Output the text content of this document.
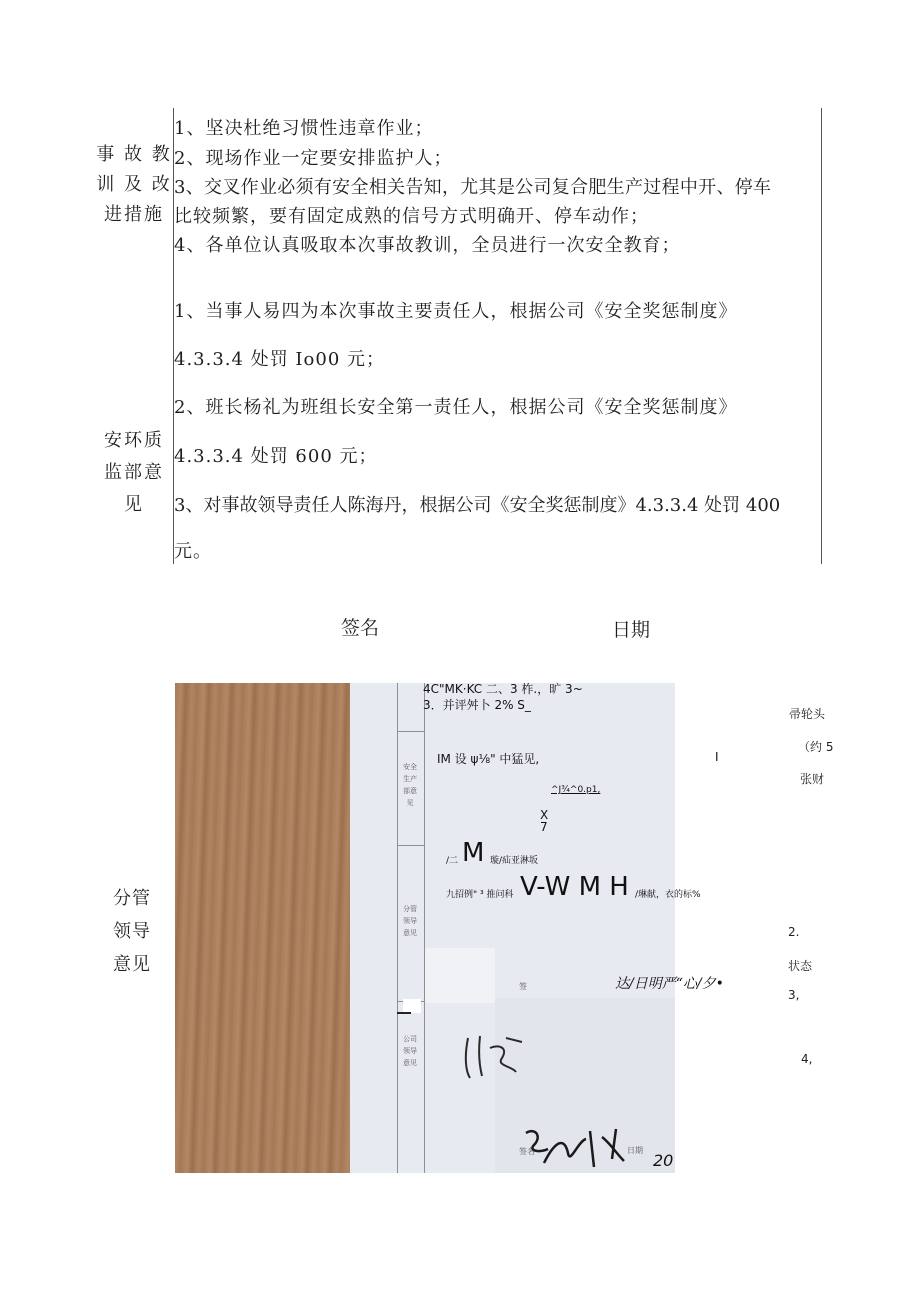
事 故 教
训 及 改
进措施
1、坚决杜绝习惯性违章作业；
2、现场作业一定要安排监护人；
3、交叉作业必须有安全相关告知，尤其是公司复合肥生产过程中开、停车
比较频繁，要有固定成熟的信号方式明确开、停车动作；
4、各单位认真吸取本次事故教训，全员进行一次安全教育；
安环质
监部意
见
1、当事人易四为本次事故主要责任人，根据公司《安全奖惩制度》
4.3.3.4 处罚 Io00 元；
2、班长杨礼为班组长安全第一责任人，根据公司《安全奖惩制度》
4.3.3.4 处罚 600 元；
3、对事故领导责任人陈海丹，根据公司《安全奖惩制度》4.3.3.4 处罚 400
元。
签名	日期
分管
领导
意见
安全生产部意见
分管领导意见
公司领导意见
签名
签
日期
20
4C"MK·KC 二、3 柞.，旷 3~
3．并评舛卜 2% S_
IM 设 ψ⅛" 中猛见,	I
^J¾^0.p1,
X
7
/二 M 璇/疝亚淋坂
九招例" ³ 推问科 V-W M H /琳献，衣的标%
达/日明严“心/夕•
帚轮头
（约 5
张财
2.
状态
3,
4,
